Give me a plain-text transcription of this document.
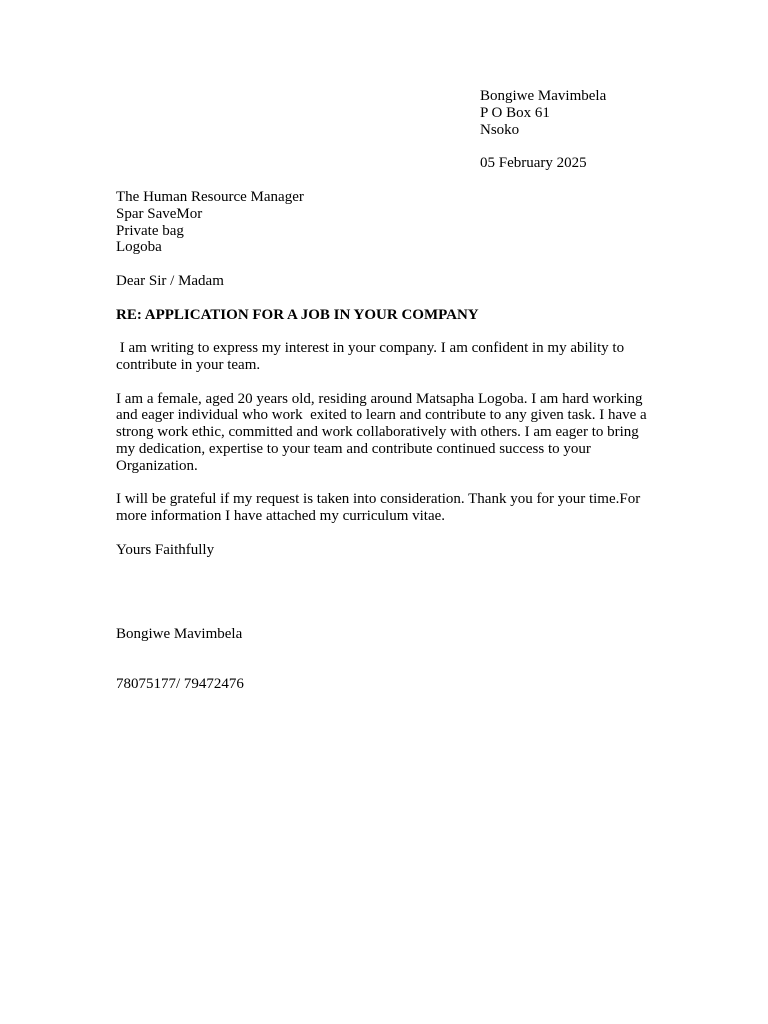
Bongiwe Mavimbela
P O Box 61
Nsoko
05 February 2025
The Human Resource Manager
Spar SaveMor
Private bag
Logoba
Dear Sir / Madam
RE: APPLICATION FOR A JOB IN YOUR COMPANY
I am writing to express my interest in your company. I am confident in my ability to contribute in your team.
I am a female, aged 20 years old, residing around Matsapha Logoba. I am hard working and eager individual who work  exited to learn and contribute to any given task. I have a strong work ethic, committed and work collaboratively with others. I am eager to bring my dedication, expertise to your team and contribute continued success to your Organization.
I will be grateful if my request is taken into consideration. Thank you for your time.For more information I have attached my curriculum vitae.
Yours Faithfully

Bongiwe Mavimbela

78075177/ 79472476
